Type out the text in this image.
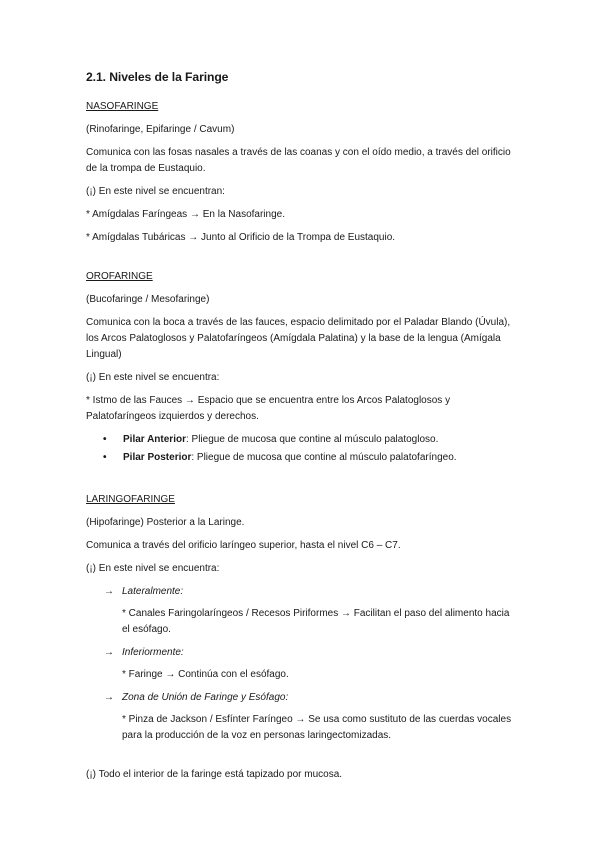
2.1. Niveles de la Faringe

NASOFARINGE

(Rinofaringe, Epifaringe / Cavum)

Comunica con las fosas nasales a través de las coanas y con el oído medio, a través del orificio de la trompa de Eustaquio.

(¡) En este nivel se encuentran:

* Amígdalas Faríngeas → En la Nasofaringe.

* Amígdalas Tubáricas → Junto al Orificio de la Trompa de Eustaquio.

OROFARINGE

(Bucofaringe / Mesofaringe)

Comunica con la boca a través de las fauces, espacio delimitado por el Paladar Blando (Úvula), los Arcos Palatoglosos y Palatofaríngeos (Amígdala Palatina) y la base de la lengua (Amígala Lingual)

(¡) En este nivel se encuentra:

* Istmo de las Fauces → Espacio que se encuentra entre los Arcos Palatoglosos y Palatofaríngeos izquierdos y derechos.

• Pilar Anterior: Pliegue de mucosa que contine al músculo palatogloso.
• Pilar Posterior: Pliegue de mucosa que contine al músculo palatofaríngeo.

LARINGOFARINGE

(Hipofaringe) Posterior a la Laringe.

Comunica a través del orificio laríngeo superior, hasta el nivel C6 – C7.

(¡) En este nivel se encuentra:

→ Lateralmente:

* Canales Faringolaríngeos / Recesos Piriformes → Facilitan el paso del alimento hacia el esófago.

→ Inferiormente:

* Faringe → Continúa con el esófago.

→ Zona de Unión de Faringe y Esófago:

* Pinza de Jackson / Esfínter Faríngeo → Se usa como sustituto de las cuerdas vocales para la producción de la voz en personas laringectomizadas.

(¡) Todo el interior de la faringe está tapizado por mucosa.
